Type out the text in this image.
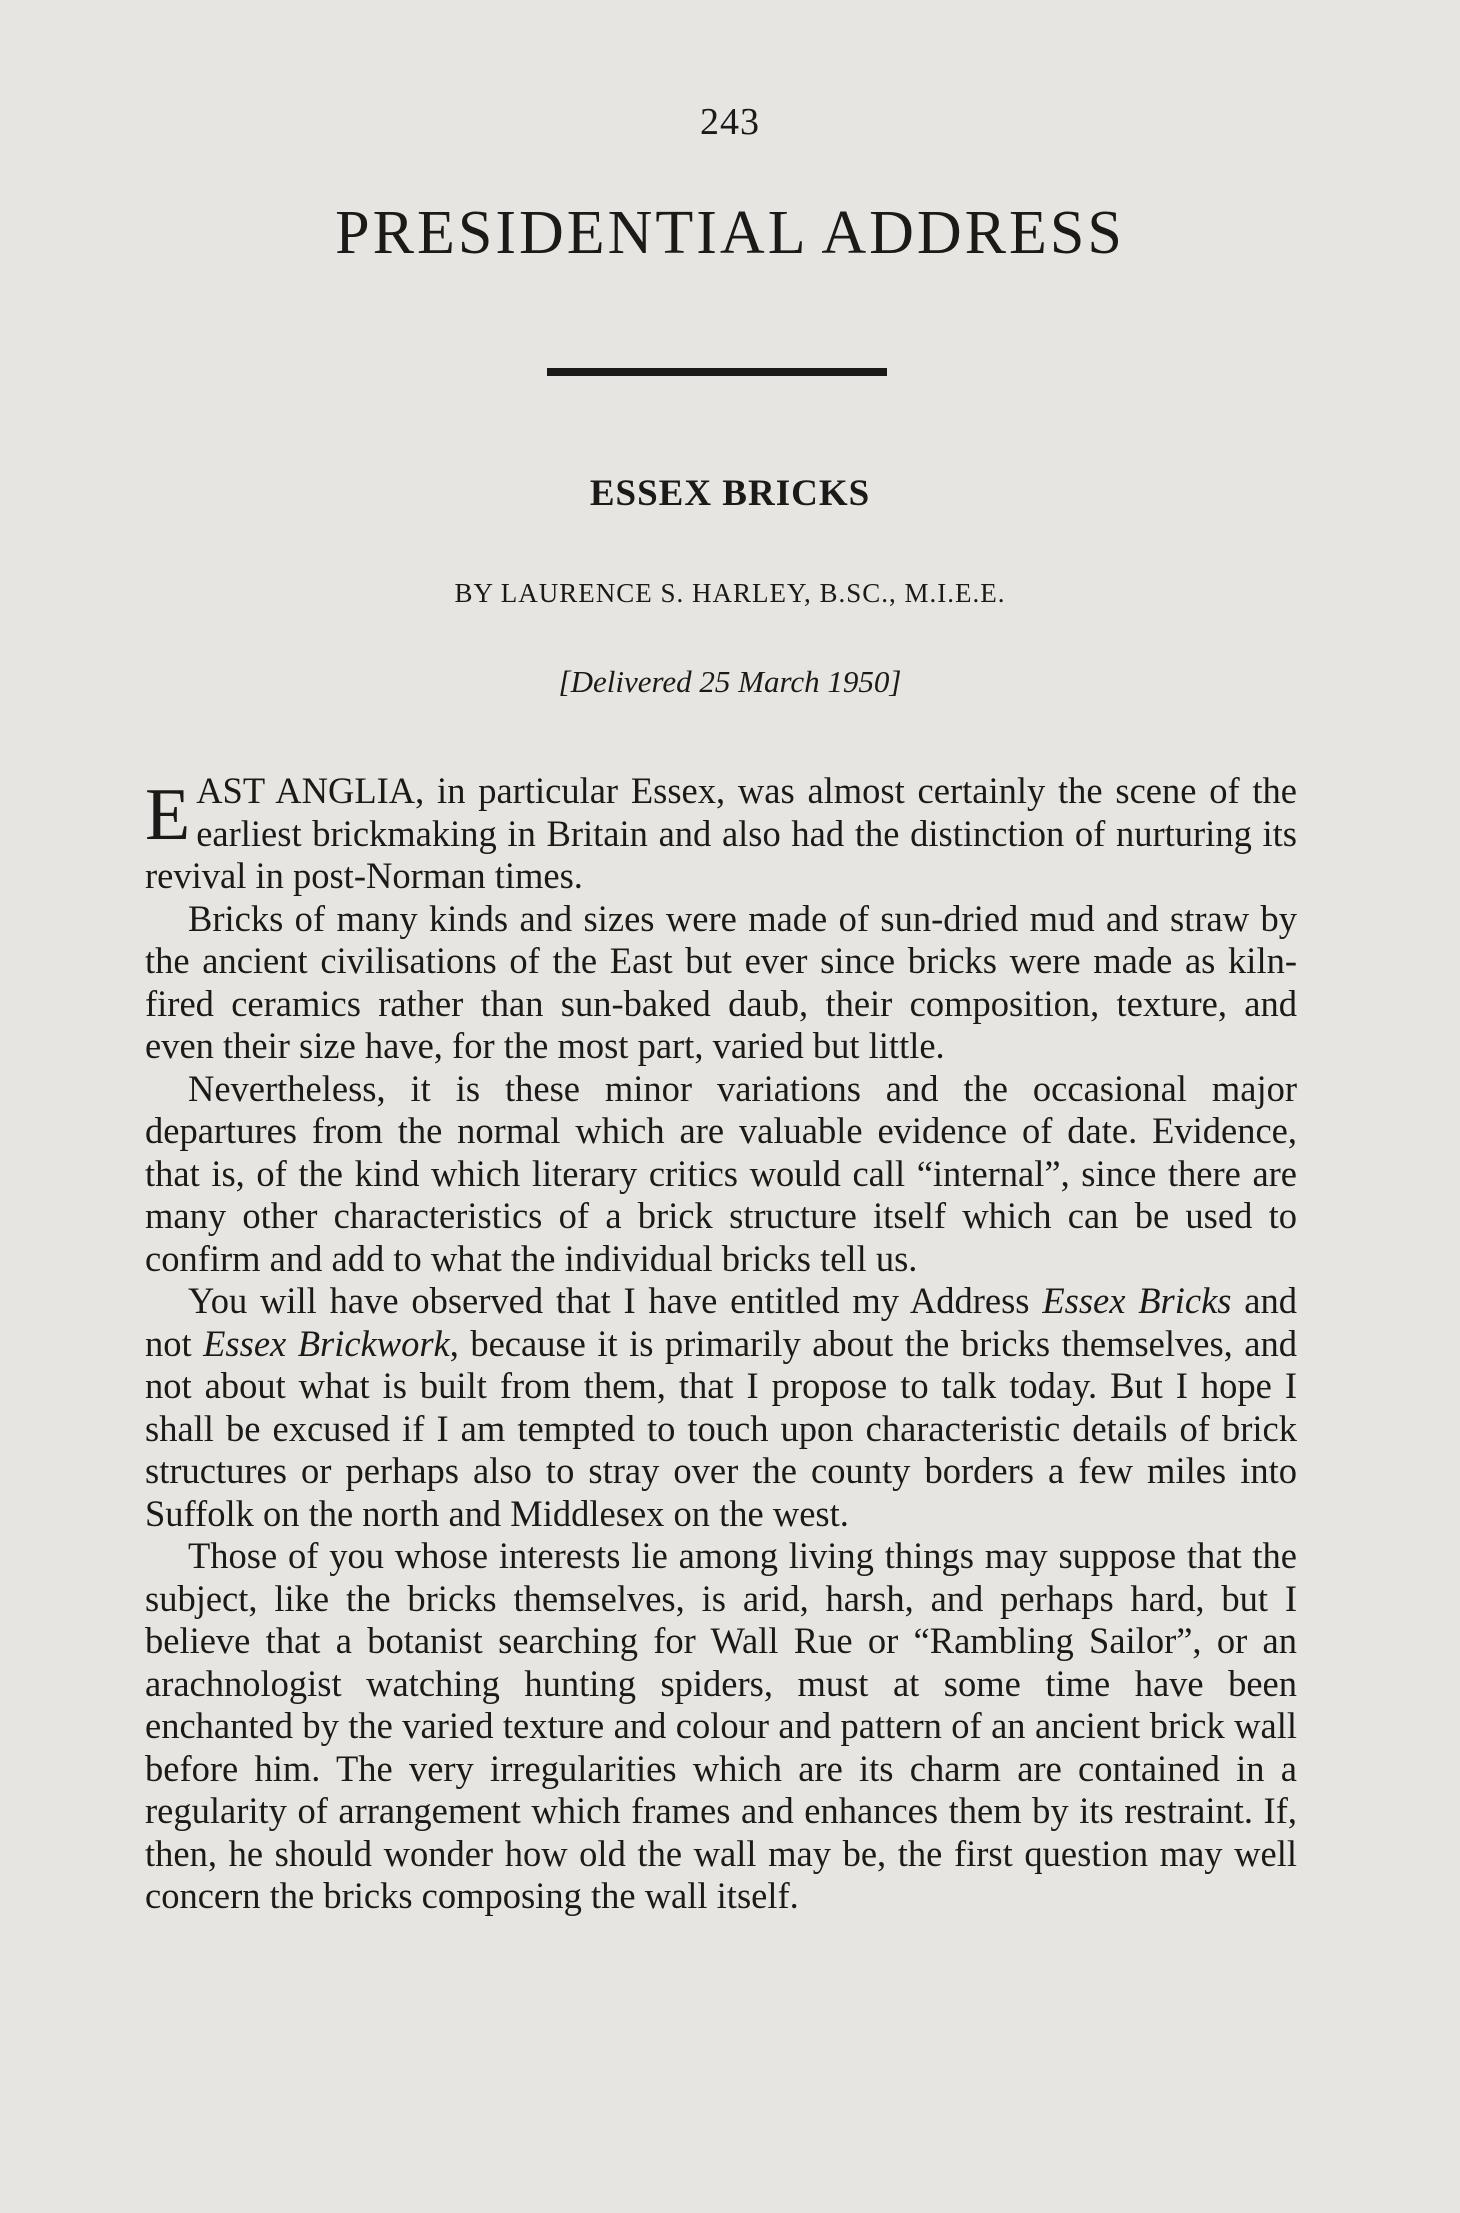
243
PRESIDENTIAL ADDRESS
ESSEX BRICKS
BY LAURENCE S. HARLEY, B.SC., M.I.E.E.
[Delivered 25 March 1950]

EAST ANGLIA, in particular Essex, was almost certainly the scene of the earliest brickmaking in Britain and also had the distinction of nurturing its revival in post-Norman times.

Bricks of many kinds and sizes were made of sun-dried mud and straw by the ancient civilisations of the East but ever since bricks were made as kiln-fired ceramics rather than sun-baked daub, their composition, texture, and even their size have, for the most part, varied but little.

Nevertheless, it is these minor variations and the occasional major departures from the normal which are valuable evidence of date. Evidence, that is, of the kind which literary critics would call “internal”, since there are many other characteristics of a brick structure itself which can be used to confirm and add to what the individual bricks tell us.

You will have observed that I have entitled my Address Essex Bricks and not Essex Brickwork, because it is primarily about the bricks themselves, and not about what is built from them, that I propose to talk today. But I hope I shall be excused if I am tempted to touch upon characteristic details of brick structures or perhaps also to stray over the county borders a few miles into Suffolk on the north and Middlesex on the west.

Those of you whose interests lie among living things may suppose that the subject, like the bricks themselves, is arid, harsh, and perhaps hard, but I believe that a botanist searching for Wall Rue or “Rambling Sailor”, or an arachnologist watching hunting spiders, must at some time have been enchanted by the varied texture and colour and pattern of an ancient brick wall before him. The very irregularities which are its charm are contained in a regularity of arrangement which frames and enhances them by its restraint. If, then, he should wonder how old the wall may be, the first question may well concern the bricks composing the wall itself.
